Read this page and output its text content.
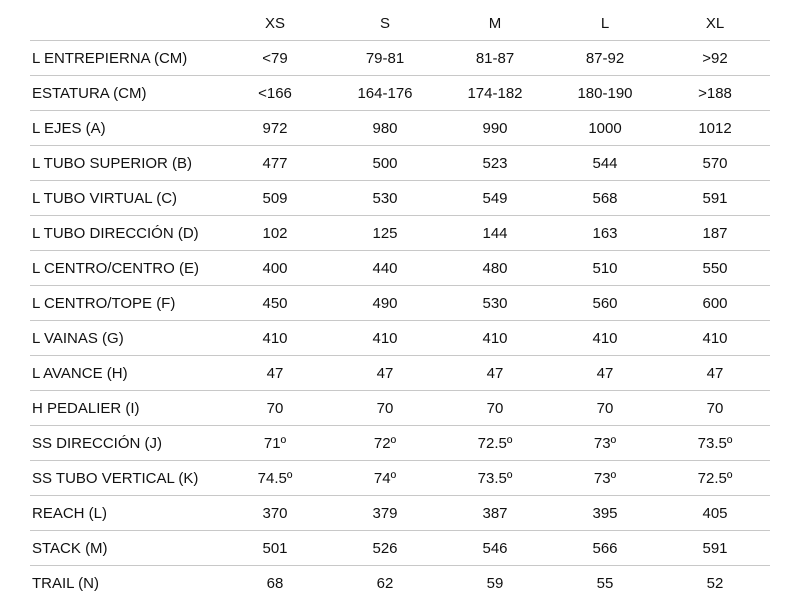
	XS	S	M	L	XL
L ENTREPIERNA (CM)	<79	79-81	81-87	87-92	>92
ESTATURA (CM)	<166	164-176	174-182	180-190	>188
L EJES (A)	972	980	990	1000	1012
L TUBO SUPERIOR (B)	477	500	523	544	570
L TUBO VIRTUAL (C)	509	530	549	568	591
L TUBO DIRECCIÓN (D)	102	125	144	163	187
L CENTRO/CENTRO (E)	400	440	480	510	550
L CENTRO/TOPE (F)	450	490	530	560	600
L VAINAS (G)	410	410	410	410	410
L AVANCE (H)	47	47	47	47	47
H PEDALIER (I)	70	70	70	70	70
SS DIRECCIÓN (J)	71º	72º	72.5º	73º	73.5º
SS TUBO VERTICAL (K)	74.5º	74º	73.5º	73º	72.5º
REACH (L)	370	379	387	395	405
STACK (M)	501	526	546	566	591
TRAIL (N)	68	62	59	55	52
